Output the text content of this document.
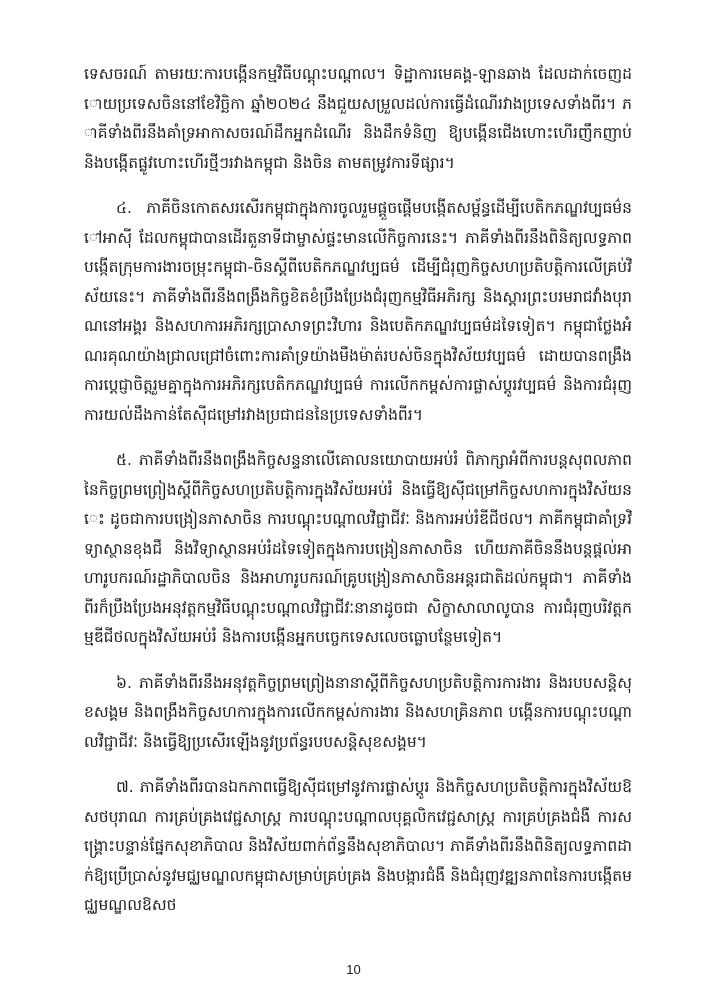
ទេសចរណ៍ តាមរយៈការបង្កើនកម្មវិធីបណ្តុះបណ្តាល។ ទិដ្ឋាការមេគង្គ-ឡានឆាង ដែលដាក់ចេញដោយប្រទេសចិននៅខែវិច្ឆិកា ឆ្នាំ២០២៤ នឹងជួយសម្រួលដល់ការធ្វើដំណើរវាងប្រទេសទាំងពីរ។ ភាគីទាំងពីរនឹងគាំទ្រអាកាសចរណ៍ដឹកអ្នកដំណើរ និងដឹកទំនិញ ឱ្យបង្កើនជើងហោះហើរញឹកញាប់ និងបង្កើតផ្លូវហោះហើរថ្មីៗរវាងកម្ពុជា និងចិន តាមតម្រូវការទីផ្សារ។

៤. ភាគីចិនកោតសរសើរកម្ពុជាក្នុងការចូលរួមផ្តួចផ្តើមបង្កើតសម្ព័ន្ធដើម្បីបេតិកភណ្ឌវប្បធម៌នៅអាស៊ី ដែលកម្ពុជាបានដើរតួនាទីជាម្ចាស់ផ្ទះមានលើកិច្ចការនេះ។ ភាគីទាំងពីរនឹងពិនិត្យលទ្ធភាពបង្កើតក្រុមការងារចម្រុះកម្ពុជា-ចិនស្តីពីបេតិកភណ្ឌវប្បធម៌ ដើម្បីជំរុញកិច្ចសហប្រតិបត្តិការលើគ្រប់វិស័យនេះ។ ភាគីទាំងពីរនឹងពង្រឹងកិច្ចខិតខំប្រឹងប្រែងជំរុញកម្មវិធីអភិរក្ស និងស្តារព្រះបរមរាជវាំងបុរាណនៅអង្គរ និងសហការអភិរក្សប្រាសាទព្រះវិហារ និងបេតិកភណ្ឌវប្បធម៌ដទៃទៀត។ កម្ពុជាថ្លែងអំណរគុណយ៉ាងជ្រាលជ្រៅចំពោះការគាំទ្រយ៉ាងមឺងម៉ាត់របស់ចិនក្នុងវិស័យវប្បធម៌ ដោយបានពង្រឹងការប្តេជ្ញាចិត្តរួមគ្នាក្នុងការអភិរក្សបេតិកភណ្ឌវប្បធម៌ ការលើកកម្ពស់ការផ្លាស់ប្តូរវប្បធម៌ និងការជំរុញការយល់ដឹងកាន់តែស៊ីជម្រៅរវាងប្រជាជននៃប្រទេសទាំងពីរ។

៥. ភាគីទាំងពីរនឹងពង្រឹងកិច្ចសន្ទនាលើគោលនយោបាយអប់រំ ពិភាក្សាអំពីការបន្តសុពលភាព នៃកិច្ចព្រមព្រៀងស្តីពីកិច្ចសហប្រតិបត្តិការក្នុងវិស័យអប់រំ និងធ្វើឱ្យស៊ីជម្រៅកិច្ចសហការក្នុងវិស័យនេះ ដូចជាការបង្រៀនភាសាចិន ការបណ្តុះបណ្តាលវិជ្ជាជីវៈ និងការអប់រំឌីជីថល។ ភាគីកម្ពុជាគាំទ្រវិទ្យាស្ថានខុងជឺ និងវិទ្យាស្ថានអប់រំដទៃទៀតក្នុងការបង្រៀនភាសាចិន ហើយភាគីចិននឹងបន្តផ្តល់អាហារូបករណ៍រដ្ឋាភិបាលចិន និងអាហារូបករណ៍គ្រូបង្រៀនភាសាចិនអន្តរជាតិដល់កម្ពុជា។ ភាគីទាំងពីរក៏ប្រឹងប្រែងអនុវត្តកម្មវិធីបណ្តុះបណ្តាលវិជ្ជាជីវៈនានាដូចជា សិក្ខាសាលាលូបាន ការជំរុញបរិវត្តកម្មឌីជីថលក្នុងវិស័យអប់រំ និងការបង្កើនអ្នកបច្ចេកទេសលេចធ្លោបន្ថែមទៀត។

៦. ភាគីទាំងពីរនឹងអនុវត្តកិច្ចព្រមព្រៀងនានាស្តីពីកិច្ចសហប្រតិបត្តិការការងារ និងរបបសន្តិសុខសង្គម និងពង្រឹងកិច្ចសហការក្នុងការលើកកម្ពស់ការងារ និងសហគ្រិនភាព បង្កើនការបណ្តុះបណ្តាលវិជ្ជាជីវៈ និងធ្វើឱ្យប្រសើរឡើងនូវប្រព័ន្ធរបបសន្តិសុខសង្គម។

៧. ភាគីទាំងពីរបានឯកភាពធ្វើឱ្យស៊ីជម្រៅនូវការផ្លាស់ប្តូរ និងកិច្ចសហប្រតិបត្តិការក្នុងវិស័យឱសថបុរាណ ការគ្រប់គ្រងវេជ្ជសាស្ត្រ ការបណ្តុះបណ្តាលបុគ្គលិកវេជ្ជសាស្ត្រ ការគ្រប់គ្រងជំងឺ ការសង្គ្រោះបន្ទាន់ផ្នែកសុខាភិបាល និងវិស័យពាក់ព័ន្ធនឹងសុខាភិបាល។ ភាគីទាំងពីរនឹងពិនិត្យលទ្ធភាពដាក់ឱ្យប្រើប្រាស់នូវមជ្ឈមណ្ឌលកម្ពុជាសម្រាប់គ្រប់គ្រង និងបង្ការជំងឺ និងជំរុញវឌ្ឍនភាពនៃការបង្កើតមជ្ឈមណ្ឌលឱសថ

10
